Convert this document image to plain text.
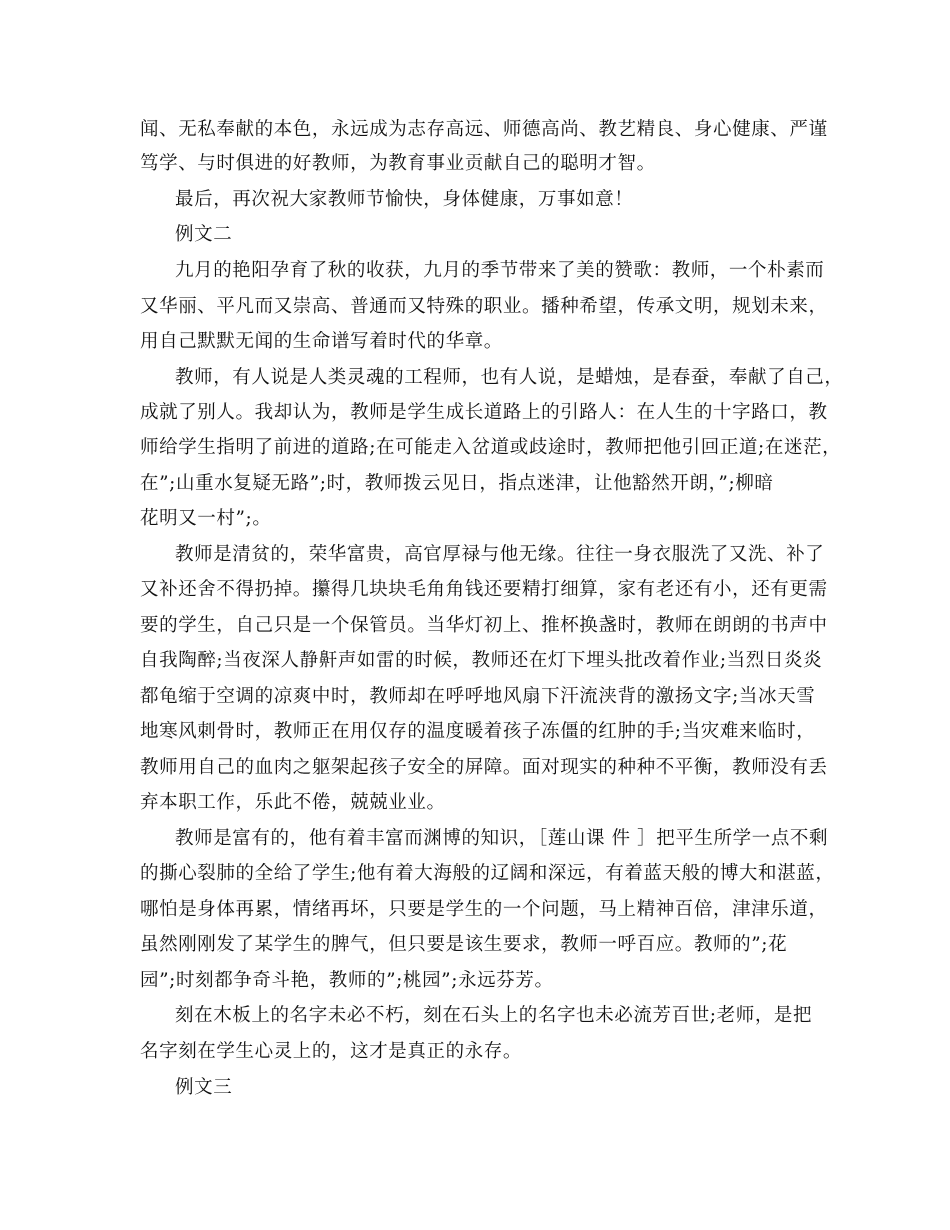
闻、无私奉献的本色，永远成为志存高远、师德高尚、教艺精良、身心健康、严谨
笃学、与时俱进的好教师，为教育事业贡献自己的聪明才智。
最后，再次祝大家教师节愉快，身体健康，万事如意！
例文二
九月的艳阳孕育了秋的收获，九月的季节带来了美的赞歌：教师，一个朴素而
又华丽、平凡而又崇高、普通而又特殊的职业。播种希望，传承文明，规划未来，
用自己默默无闻的生命谱写着时代的华章。
教师，有人说是人类灵魂的工程师，也有人说，是蜡烛，是春蚕，奉献了自己，
成就了别人。我却认为，教师是学生成长道路上的引路人：在人生的十字路口，教
师给学生指明了前进的道路;在可能走入岔道或歧途时，教师把他引回正道;在迷茫，
在”;山重水复疑无路”;时，教师拨云见日，指点迷津，让他豁然开朗，”;柳暗
花明又一村”;。
教师是清贫的，荣华富贵，高官厚禄与他无缘。往往一身衣服洗了又洗、补了
又补还舍不得扔掉。攥得几块块毛角角钱还要精打细算，家有老还有小，还有更需
要的学生，自己只是一个保管员。当华灯初上、推杯换盏时，教师在朗朗的书声中
自我陶醉;当夜深人静鼾声如雷的时候，教师还在灯下埋头批改着作业;当烈日炎炎
都龟缩于空调的凉爽中时，教师却在呼呼地风扇下汗流浃背的激扬文字;当冰天雪
地寒风刺骨时，教师正在用仅存的温度暖着孩子冻僵的红肿的手;当灾难来临时，
教师用自己的血肉之躯架起孩子安全的屏障。面对现实的种种不平衡，教师没有丢
弃本职工作，乐此不倦，兢兢业业。
教师是富有的，他有着丰富而渊博的知识，［莲山课 件 ］把平生所学一点不剩
的撕心裂肺的全给了学生;他有着大海般的辽阔和深远，有着蓝天般的博大和湛蓝，
哪怕是身体再累，情绪再坏，只要是学生的一个问题，马上精神百倍，津津乐道，
虽然刚刚发了某学生的脾气，但只要是该生要求，教师一呼百应。教师的”;花
园”;时刻都争奇斗艳，教师的”;桃园”;永远芬芳。
刻在木板上的名字未必不朽，刻在石头上的名字也未必流芳百世;老师，是把
名字刻在学生心灵上的，这才是真正的永存。
例文三
